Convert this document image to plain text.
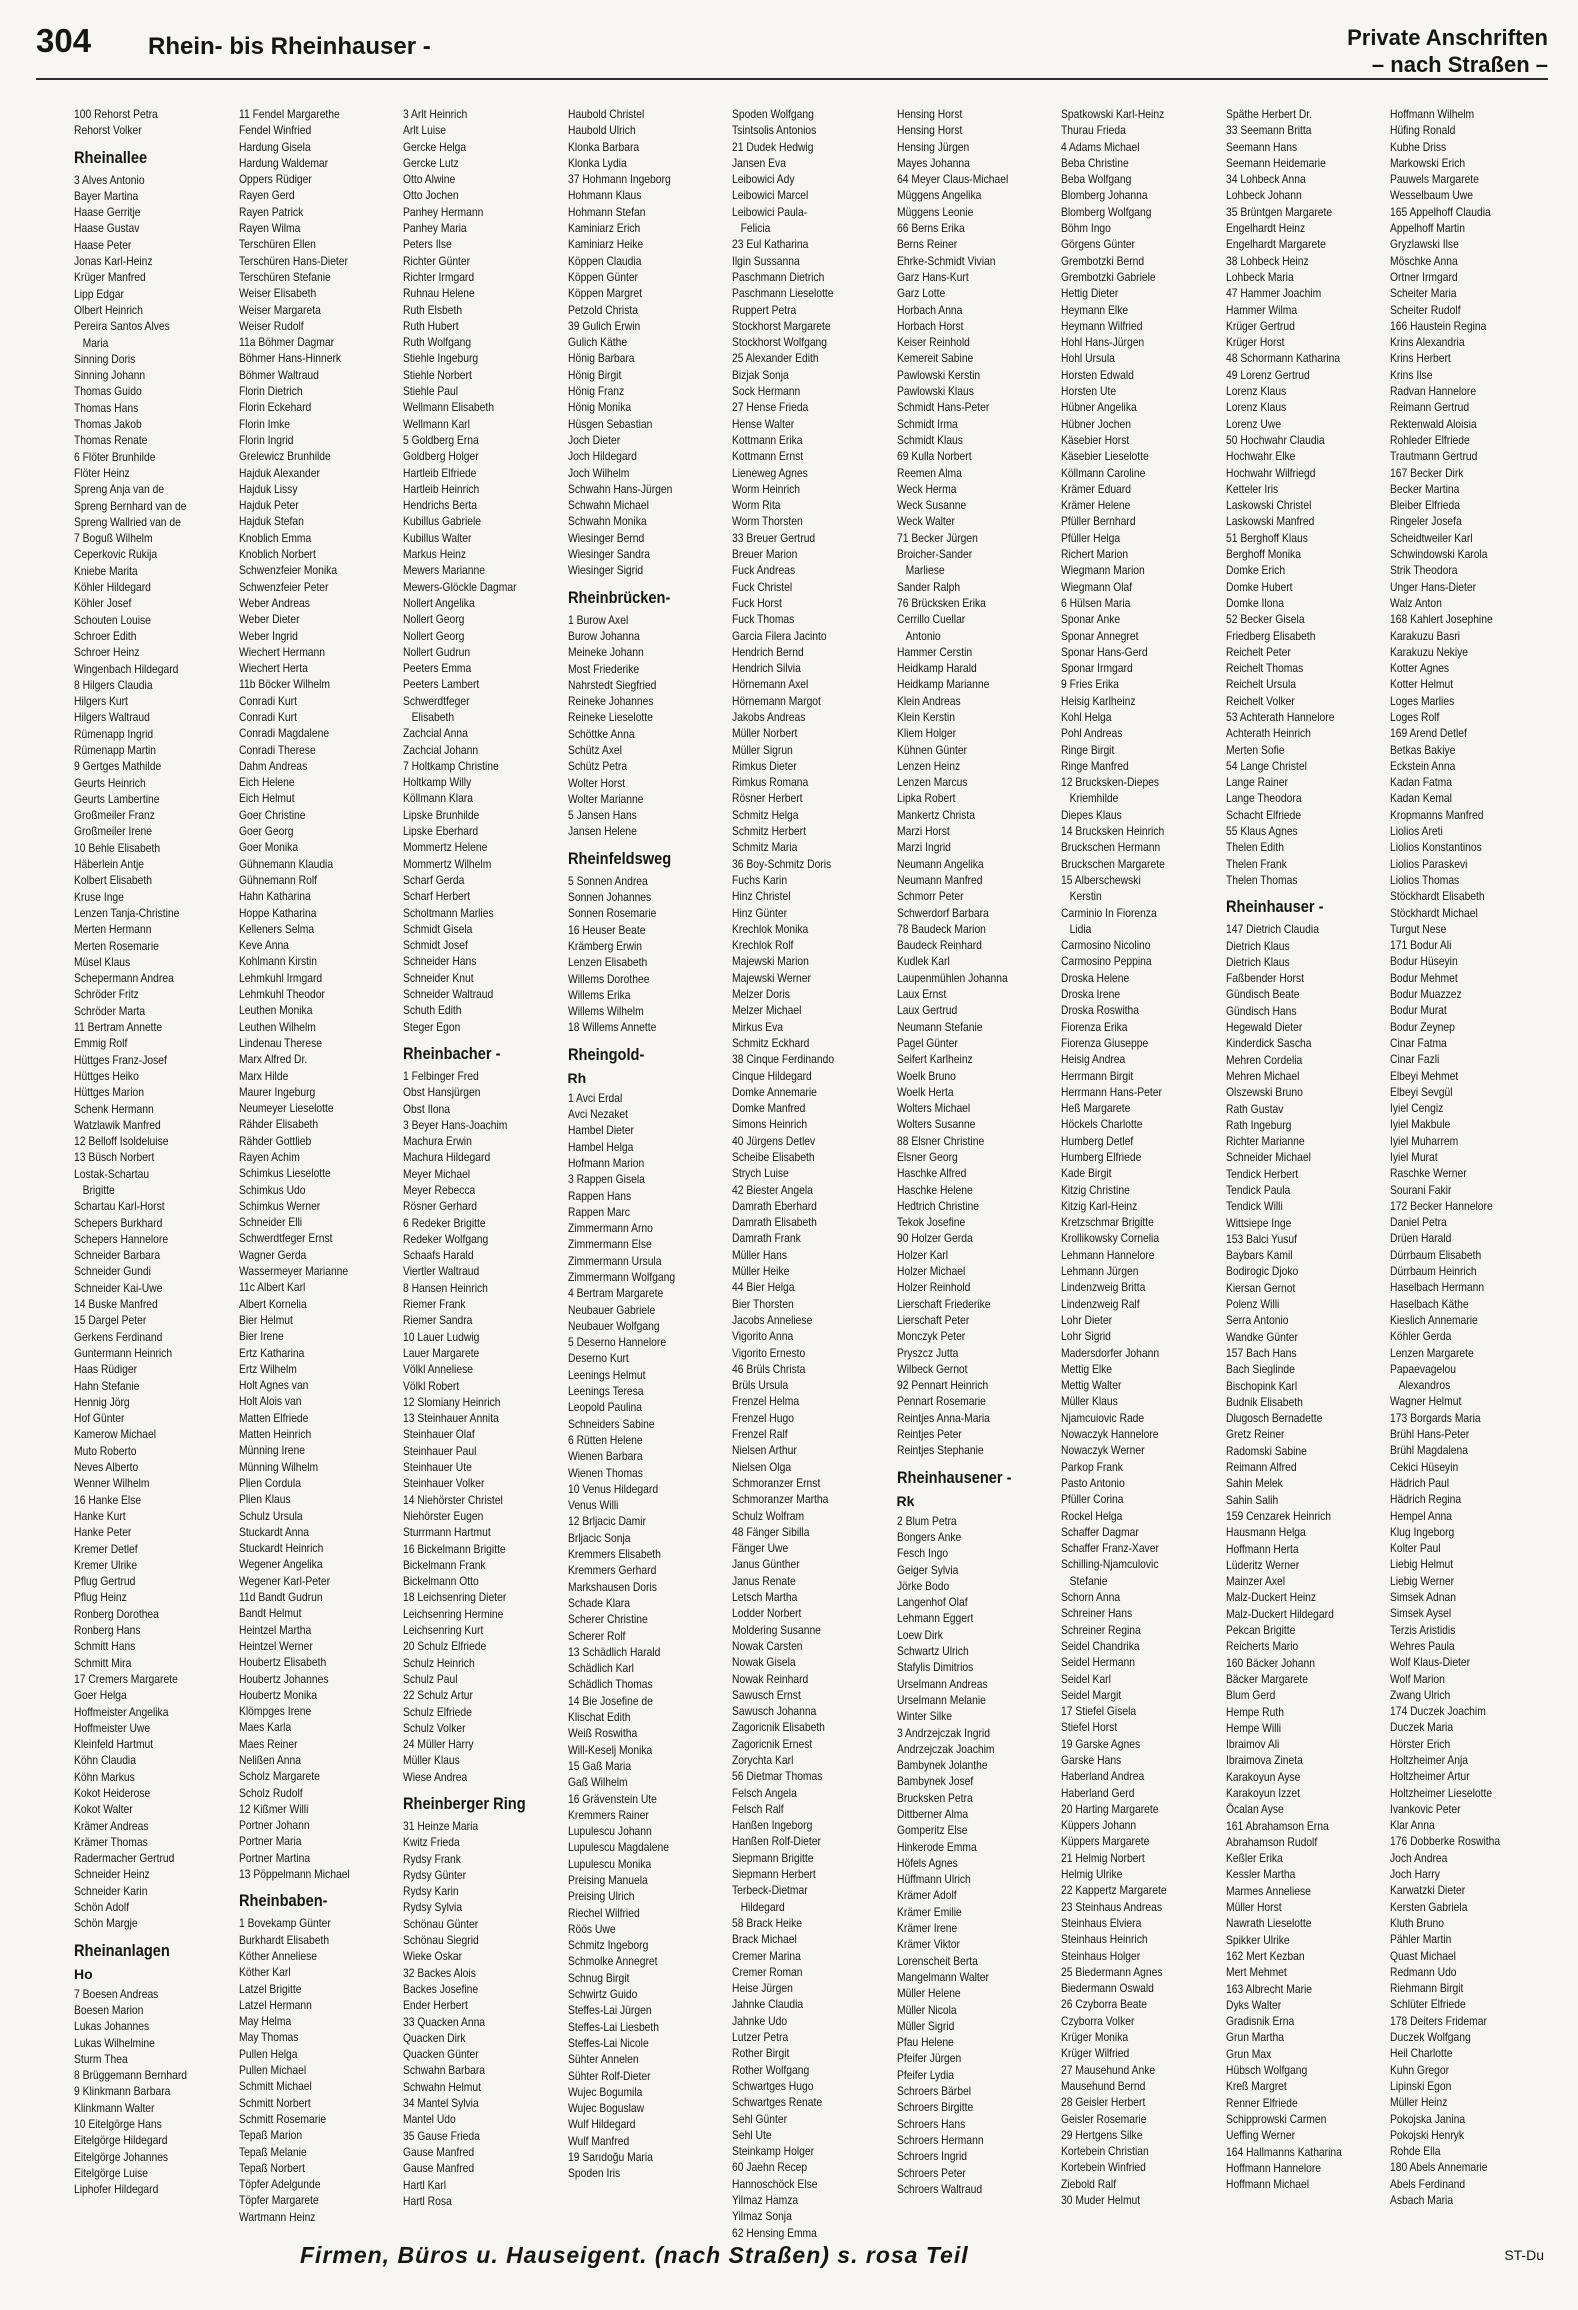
304 Rhein- bis Rheinhauser -	Private Anschriften
– nach Straßen –
100 Rehorst Petra
Rehorst Volker
Rheinallee
3 Alves Antonio
Bayer Martina
Haase Gerritje
Haase Gustav
Haase Peter
Jonas Karl-Heinz
Krüger Manfred
Lipp Edgar
Olbert Heinrich
Pereira Santos Alves
Maria
Sinning Doris
Sinning Johann
Thomas Guido
Thomas Hans
Thomas Jakob
Thomas Renate
6 Flöter Brunhilde
Flöter Heinz
Spreng Anja van de
Spreng Bernhard van de
Spreng Wallried van de
7 Boguß Wilhelm
Ceperkovic Rukija
Kniebe Marita
Köhler Hildegard
Köhler Josef
Schouten Louise
Schroer Edith
Schroer Heinz
Wingenbach Hildegard
8 Hilgers Claudia
Hilgers Kurt
Hilgers Waltraud
Rümenapp Ingrid
Rümenapp Martin
9 Gertges Mathilde
Geurts Heinrich
Geurts Lambertine
Großmeiler Franz
Großmeiler Irene
10 Behle Elisabeth
Häberlein Antje
Kolbert Elisabeth
Kruse Inge
Lenzen Tanja-Christine
Merten Hermann
Merten Rosemarie
Müsel Klaus
Schepermann Andrea
Schröder Fritz
Schröder Marta
11 Bertram Annette
Emmig Rolf
Hüttges Franz-Josef
Hüttges Heiko
Hüttges Marion
Schenk Hermann
Watzlawik Manfred
12 Belloff Isoldeluise
13 Büsch Norbert
Lostak-Schartau
Brigitte
Schartau Karl-Horst
Schepers Burkhard
Schepers Hannelore
Schneider Barbara
Schneider Gundi
Schneider Kai-Uwe
14 Buske Manfred
15 Dargel Peter
Gerkens Ferdinand
Guntermann Heinrich
Haas Rüdiger
Hahn Stefanie
Hennig Jörg
Hof Günter
Kamerow Michael
Muto Roberto
Neves Alberto
Wenner Wilhelm
16 Hanke Else
Hanke Kurt
Hanke Peter
Kremer Detlef
Kremer Ulrike
Pflug Gertrud
Pflug Heinz
Ronberg Dorothea
Ronberg Hans
Schmitt Hans
Schmitt Mira
17 Cremers Margarete
Goer Helga
Hoffmeister Angelika
Hoffmeister Uwe
Kleinfeld Hartmut
Köhn Claudia
Köhn Markus
Kokot Heiderose
Kokot Walter
Krämer Andreas
Krämer Thomas
Radermacher Gertrud
Schneider Heinz
Schneider Karin
Schön Adolf
Schön Margje
Rheinanlagen
Ho
7 Boesen Andreas
Boesen Marion
Lukas Johannes
Lukas Wilhelmine
Sturm Thea
8 Brüggemann Bernhard
9 Klinkmann Barbara
Klinkmann Walter
10 Eitelgörge Hans
Eitelgörge Hildegard
Eitelgörge Johannes
Eitelgörge Luise
Liphofer Hildegard
11 Fendel Margarethe
Fendel Winfried
Hardung Gisela
Hardung Waldemar
Oppers Rüdiger
Rayen Gerd
Rayen Patrick
Rayen Wilma
Terschüren Ellen
Terschüren Hans-Dieter
Terschüren Stefanie
Weiser Elisabeth
Weiser Margareta
Weiser Rudolf
11a Böhmer Dagmar
Böhmer Hans-Hinnerk
Böhmer Waltraud
Florin Dietrich
Florin Eckehard
Florin Imke
Florin Ingrid
Grelewicz Brunhilde
Hajduk Alexander
Hajduk Lissy
Hajduk Peter
Hajduk Stefan
Knoblich Emma
Knoblich Norbert
Schwenzfeier Monika
Schwenzfeier Peter
Weber Andreas
Weber Dieter
Weber Ingrid
Wiechert Hermann
Wiechert Herta
11b Böcker Wilhelm
Conradi Kurt
Conradi Kurt
Conradi Magdalene
Conradi Therese
Dahm Andreas
Eich Helene
Eich Helmut
Goer Christine
Goer Georg
Goer Monika
Gühnemann Klaudia
Gühnemann Rolf
Hahn Katharina
Hoppe Katharina
Kelleners Selma
Keve Anna
Kohlmann Kirstin
Lehmkuhl Irmgard
Lehmkuhl Theodor
Leuthen Monika
Leuthen Wilhelm
Lindenau Therese
Marx Alfred Dr.
Marx Hilde
Maurer Ingeburg
Neumeyer Lieselotte
Rähder Elisabeth
Rähder Gottlieb
Rayen Achim
Schimkus Lieselotte
Schimkus Udo
Schimkus Werner
Schneider Elli
Schwerdtfeger Ernst
Wagner Gerda
Wassermeyer Marianne
11c Albert Karl
Albert Kornelia
Bier Helmut
Bier Irene
Ertz Katharina
Ertz Wilhelm
Holt Agnes van
Holt Alois van
Matten Elfriede
Matten Heinrich
Münning Irene
Münning Wilhelm
Plien Cordula
Plien Klaus
Schulz Ursula
Stuckardt Anna
Stuckardt Heinrich
Wegener Angelika
Wegener Karl-Peter
11d Bandt Gudrun
Bandt Helmut
Heintzel Martha
Heintzel Werner
Houbertz Elisabeth
Houbertz Johannes
Houbertz Monika
Klömpges Irene
Maes Karla
Maes Reiner
Nelißen Anna
Scholz Margarete
Scholz Rudolf
12 Kißmer Willi
Portner Johann
Portner Maria
Portner Martina
13 Pöppelmann Michael
Rheinbaben-
1 Bovekamp Günter
Burkhardt Elisabeth
Köther Anneliese
Köther Karl
Latzel Brigitte
Latzel Hermann
May Helma
May Thomas
Pullen Helga
Pullen Michael
Schmitt Michael
Schmitt Norbert
Schmitt Rosemarie
Tepaß Marion
Tepaß Melanie
Tepaß Norbert
Töpfer Adelgunde
Töpfer Margarete
Wartmann Heinz
3 Arlt Heinrich
Arlt Luise
Gercke Helga
Gercke Lutz
Otto Alwine
Otto Jochen
Panhey Hermann
Panhey Maria
Peters Ilse
Richter Günter
Richter Irmgard
Ruhnau Helene
Ruth Elsbeth
Ruth Hubert
Ruth Wolfgang
Stiehle Ingeburg
Stiehle Norbert
Stiehle Paul
Wellmann Elisabeth
Wellmann Karl
5 Goldberg Erna
Goldberg Holger
Hartleib Elfriede
Hartleib Heinrich
Hendrichs Berta
Kubillus Gabriele
Kubillus Walter
Markus Heinz
Mewers Marianne
Mewers-Glöckle Dagmar
Nollert Angelika
Nollert Georg
Nollert Georg
Nollert Gudrun
Peeters Emma
Peeters Lambert
Schwerdtfeger
Elisabeth
Zachcial Anna
Zachcial Johann
7 Holtkamp Christine
Holtkamp Willy
Köllmann Klara
Lipske Brunhilde
Lipske Eberhard
Mommertz Helene
Mommertz Wilhelm
Scharf Gerda
Scharf Herbert
Scholtmann Marlies
Schmidt Gisela
Schmidt Josef
Schneider Hans
Schneider Knut
Schneider Waltraud
Schuth Edith
Steger Egon
Rheinbacher -
1 Felbinger Fred
Obst Hansjürgen
Obst Ilona
3 Beyer Hans-Joachim
Machura Erwin
Machura Hildegard
Meyer Michael
Meyer Rebecca
Rösner Gerhard
6 Redeker Brigitte
Redeker Wolfgang
Schaafs Harald
Viertler Waltraud
8 Hansen Heinrich
Riemer Frank
Riemer Sandra
10 Lauer Ludwig
Lauer Margarete
Völkl Anneliese
Völkl Robert
12 Slomiany Heinrich
13 Steinhauer Annita
Steinhauer Olaf
Steinhauer Paul
Steinhauer Ute
Steinhauer Volker
14 Niehörster Christel
Niehörster Eugen
Sturrmann Hartmut
16 Bickelmann Brigitte
Bickelmann Frank
Bickelmann Otto
18 Leichsenring Dieter
Leichsenring Hermine
Leichsenring Kurt
20 Schulz Elfriede
Schulz Heinrich
Schulz Paul
22 Schulz Artur
Schulz Elfriede
Schulz Volker
24 Müller Harry
Müller Klaus
Wiese Andrea
Rheinberger Ring
31 Heinze Maria
Kwitz Frieda
Rydsy Frank
Rydsy Günter
Rydsy Karin
Rydsy Sylvia
Schönau Günter
Schönau Siegrid
Wieke Oskar
32 Backes Alois
Backes Josefine
Ender Herbert
33 Quacken Anna
Quacken Dirk
Quacken Günter
Schwahn Barbara
Schwahn Helmut
34 Mantel Sylvia
Mantel Udo
35 Gause Frieda
Gause Manfred
Gause Manfred
Hartl Karl
Hartl Rosa
Haubold Christel
Haubold Ulrich
Klonka Barbara
Klonka Lydia
37 Hohmann Ingeborg
Hohmann Klaus
Hohmann Stefan
Kaminiarz Erich
Kaminiarz Heike
Köppen Claudia
Köppen Günter
Köppen Margret
Petzold Christa
39 Gulich Erwin
Gulich Käthe
Hönig Barbara
Hönig Birgit
Hönig Franz
Hönig Monika
Hüsgen Sebastian
Joch Dieter
Joch Hildegard
Joch Wilhelm
Schwahn Hans-Jürgen
Schwahn Michael
Schwahn Monika
Wiesinger Bernd
Wiesinger Sandra
Wiesinger Sigrid
Rheinbrücken-
1 Burow Axel
Burow Johanna
Meineke Johann
Most Friederike
Nahrstedt Siegfried
Reineke Johannes
Reineke Lieselotte
Schöttke Anna
Schütz Axel
Schütz Petra
Wolter Horst
Wolter Marianne
5 Jansen Hans
Jansen Helene
Rheinfeldsweg
5 Sonnen Andrea
Sonnen Johannes
Sonnen Rosemarie
16 Heuser Beate
Krämberg Erwin
Lenzen Elisabeth
Willems Dorothee
Willems Erika
Willems Wilhelm
18 Willems Annette
Rheingold-
Rh
1 Avci Erdal
Avci Nezaket
Hambel Dieter
Hambel Helga
Hofmann Marion
3 Rappen Gisela
Rappen Hans
Rappen Marc
Zimmermann Arno
Zimmermann Else
Zimmermann Ursula
Zimmermann Wolfgang
4 Bertram Margarete
Neubauer Gabriele
Neubauer Wolfgang
5 Deserno Hannelore
Deserno Kurt
Leenings Helmut
Leenings Teresa
Leopold Paulina
Schneiders Sabine
6 Rütten Helene
Wienen Barbara
Wienen Thomas
10 Venus Hildegard
Venus Willi
12 Brljacic Damir
Brljacic Sonja
Kremmers Elisabeth
Kremmers Gerhard
Markshausen Doris
Schade Klara
Scherer Christine
Scherer Rolf
13 Schädlich Harald
Schädlich Karl
Schädlich Thomas
14 Bie Josefine de
Klischat Edith
Weiß Roswitha
Will-Keselj Monika
15 Gaß Maria
Gaß Wilhelm
16 Grävenstein Ute
Kremmers Rainer
Lupulescu Johann
Lupulescu Magdalene
Lupulescu Monika
Preising Manuela
Preising Ulrich
Riechel Wilfried
Röös Uwe
Schmitz Ingeborg
Schmolke Annegret
Schnug Birgit
Schwirtz Guido
Steffes-Lai Jürgen
Steffes-Lai Liesbeth
Steffes-Lai Nicole
Sühter Annelen
Sühter Rolf-Dieter
Wujec Bogumila
Wujec Boguslaw
Wulf Hildegard
Wulf Manfred
19 Sarıdoğu Maria
Spoden Iris
Spoden Wolfgang
Tsintsolis Antonios
21 Dudek Hedwig
Jansen Eva
Leibowici Ady
Leibowici Marcel
Leibowici Paula-
Felicia
23 Eul Katharina
Ilgin Sussanna
Paschmann Dietrich
Paschmann Lieselotte
Ruppert Petra
Stockhorst Margarete
Stockhorst Wolfgang
25 Alexander Edith
Bizjak Sonja
Sock Hermann
27 Hense Frieda
Hense Walter
Kottmann Erika
Kottmann Ernst
Lieneweg Agnes
Worm Heinrich
Worm Rita
Worm Thorsten
33 Breuer Gertrud
Breuer Marion
Fuck Andreas
Fuck Christel
Fuck Horst
Fuck Thomas
Garcia Filera Jacinto
Hendrich Bernd
Hendrich Silvia
Hörnemann Axel
Hörnemann Margot
Jakobs Andreas
Müller Norbert
Müller Sigrun
Rimkus Dieter
Rimkus Romana
Rösner Herbert
Schmitz Helga
Schmitz Herbert
Schmitz Maria
36 Boy-Schmitz Doris
Fuchs Karin
Hinz Christel
Hinz Günter
Krechlok Monika
Krechlok Rolf
Majewski Marion
Majewski Werner
Melzer Doris
Melzer Michael
Mirkus Eva
Schmitz Eckhard
38 Cinque Ferdinando
Cinque Hildegard
Domke Annemarie
Domke Manfred
Simons Heinrich
40 Jürgens Detlev
Scheibe Elisabeth
Strych Luise
42 Biester Angela
Damrath Eberhard
Damrath Elisabeth
Damrath Frank
Müller Hans
Müller Heike
44 Bier Helga
Bier Thorsten
Jacobs Anneliese
Vigorito Anna
Vigorito Ernesto
46 Brüls Christa
Brüls Ursula
Frenzel Helma
Frenzel Hugo
Frenzel Ralf
Nielsen Arthur
Nielsen Olga
Schmoranzer Ernst
Schmoranzer Martha
Schulz Wolfram
48 Fänger Sibilla
Fänger Uwe
Janus Günther
Janus Renate
Letsch Martha
Lodder Norbert
Moldering Susanne
Nowak Carsten
Nowak Gisela
Nowak Reinhard
Sawusch Ernst
Sawusch Johanna
Zagoricnik Elisabeth
Zagoricnik Ernest
Zorychta Karl
56 Dietmar Thomas
Felsch Angela
Felsch Ralf
Hanßen Ingeborg
Hanßen Rolf-Dieter
Siepmann Brigitte
Siepmann Herbert
Terbeck-Dietmar
Hildegard
58 Brack Heike
Brack Michael
Cremer Marina
Cremer Roman
Heise Jürgen
Jahnke Claudia
Jahnke Udo
Lutzer Petra
Rother Birgit
Rother Wolfgang
Schwartges Hugo
Schwartges Renate
Sehl Günter
Sehl Ute
Steinkamp Holger
60 Jaehn Recep
Hannoschöck Else
Yilmaz Hamza
Yilmaz Sonja
62 Hensing Emma
Hensing Horst
Hensing Horst
Hensing Jürgen
Mayes Johanna
64 Meyer Claus-Michael
Müggens Angelika
Müggens Leonie
66 Berns Erika
Berns Reiner
Ehrke-Schmidt Vivian
Garz Hans-Kurt
Garz Lotte
Horbach Anna
Horbach Horst
Keiser Reinhold
Kemereit Sabine
Pawlowski Kerstin
Pawlowski Klaus
Schmidt Hans-Peter
Schmidt Irma
Schmidt Klaus
69 Kulla Norbert
Reemen Alma
Weck Herma
Weck Susanne
Weck Walter
71 Becker Jürgen
Broicher-Sander
Marliese
Sander Ralph
76 Brücksken Erika
Cerrillo Cuellar
Antonio
Hammer Cerstin
Heidkamp Harald
Heidkamp Marianne
Klein Andreas
Klein Kerstin
Kliem Holger
Kühnen Günter
Lenzen Heinz
Lenzen Marcus
Lipka Robert
Mankertz Christa
Marzi Horst
Marzi Ingrid
Neumann Angelika
Neumann Manfred
Schmorr Peter
Schwerdorf Barbara
78 Baudeck Marion
Baudeck Reinhard
Kudlek Karl
Laupenmühlen Johanna
Laux Ernst
Laux Gertrud
Neumann Stefanie
Pagel Günter
Seifert Karlheinz
Woelk Bruno
Woelk Herta
Wolters Michael
Wolters Susanne
88 Elsner Christine
Elsner Georg
Haschke Alfred
Haschke Helene
Hedtrich Christine
Tekok Josefine
90 Holzer Gerda
Holzer Karl
Holzer Michael
Holzer Reinhold
Lierschaft Friederike
Lierschaft Peter
Monczyk Peter
Pryszcz Jutta
Wilbeck Gernot
92 Pennart Heinrich
Pennart Rosemarie
Reintjes Anna-Maria
Reintjes Peter
Reintjes Stephanie
Rheinhausener -
Rk
2 Blum Petra
Bongers Anke
Fesch Ingo
Geiger Sylvia
Jörke Bodo
Langenhof Olaf
Lehmann Eggert
Loew Dirk
Schwartz Ulrich
Stafylis Dimitrios
Urselmann Andreas
Urselmann Melanie
Winter Silke
3 Andrzejczak Ingrid
Andrzejczak Joachim
Bambynek Jolanthe
Bambynek Josef
Brucksken Petra
Dittberner Alma
Gomperitz Else
Hinkerode Emma
Höfels Agnes
Hüffmann Ulrich
Krämer Adolf
Krämer Emilie
Krämer Irene
Krämer Viktor
Lorenscheit Berta
Mangelmann Walter
Müller Helene
Müller Nicola
Müller Sigrid
Pfau Helene
Pfeifer Jürgen
Pfeifer Lydia
Schroers Bärbel
Schroers Birgitte
Schroers Hans
Schroers Hermann
Schroers Ingrid
Schroers Peter
Schroers Waltraud
Spatkowski Karl-Heinz
Thurau Frieda
4 Adams Michael
Beba Christine
Beba Wolfgang
Blomberg Johanna
Blomberg Wolfgang
Böhm Ingo
Görgens Günter
Grembotzki Bernd
Grembotzki Gabriele
Hettig Dieter
Heymann Elke
Heymann Wilfried
Hohl Hans-Jürgen
Hohl Ursula
Horsten Edwald
Horsten Ute
Hübner Angelika
Hübner Jochen
Käsebier Horst
Käsebier Lieselotte
Köllmann Caroline
Krämer Eduard
Krämer Helene
Pfüller Bernhard
Pfüller Helga
Richert Marion
Wiegmann Marion
Wiegmann Olaf
6 Hülsen Maria
Sponar Anke
Sponar Annegret
Sponar Hans-Gerd
Sponar Irmgard
9 Fries Erika
Heisig Karlheinz
Kohl Helga
Pohl Andreas
Ringe Birgit
Ringe Manfred
12 Brucksken-Diepes
Kriemhilde
Diepes Klaus
14 Brucksken Heinrich
Bruckschen Hermann
Bruckschen Margarete
15 Alberschewski
Kerstin
Carminio In Fiorenza
Lidia
Carmosino Nicolino
Carmosino Peppina
Droska Helene
Droska Irene
Droska Roswitha
Fiorenza Erika
Fiorenza Giuseppe
Heisig Andrea
Herrmann Birgit
Herrmann Hans-Peter
Heß Margarete
Höckels Charlotte
Humberg Detlef
Humberg Elfriede
Kade Birgit
Kitzig Christine
Kitzig Karl-Heinz
Kretzschmar Brigitte
Krollikowsky Cornelia
Lehmann Hannelore
Lehmann Jürgen
Lindenzweig Britta
Lindenzweig Ralf
Lohr Dieter
Lohr Sigrid
Madersdorfer Johann
Mettig Elke
Mettig Walter
Müller Klaus
Njamcuiovic Rade
Nowaczyk Hannelore
Nowaczyk Werner
Parkop Frank
Pasto Antonio
Pfüller Corina
Rockel Helga
Schaffer Dagmar
Schaffer Franz-Xaver
Schilling-Njamculovic
Stefanie
Schorn Anna
Schreiner Hans
Schreiner Regina
Seidel Chandrika
Seidel Hermann
Seidel Karl
Seidel Margit
17 Stiefel Gisela
Stiefel Horst
19 Garske Agnes
Garske Hans
Haberland Andrea
Haberland Gerd
20 Harting Margarete
Küppers Johann
Küppers Margarete
21 Helmig Norbert
Helmig Ulrike
22 Kappertz Margarete
23 Steinhaus Andreas
Steinhaus Elviera
Steinhaus Heinrich
Steinhaus Holger
25 Biedermann Agnes
Biedermann Oswald
26 Czyborra Beate
Czyborra Volker
Krüger Monika
Krüger Wilfried
27 Mausehund Anke
Mausehund Bernd
28 Geisler Herbert
Geisler Rosemarie
29 Hertgens Silke
Kortebein Christian
Kortebein Winfried
Ziebold Ralf
30 Muder Helmut
Späthe Herbert Dr.
33 Seemann Britta
Seemann Hans
Seemann Heidemarie
34 Lohbeck Anna
Lohbeck Johann
35 Brüntgen Margarete
Engelhardt Heinz
Engelhardt Margarete
38 Lohbeck Heinz
Lohbeck Maria
47 Hammer Joachim
Hammer Wilma
Krüger Gertrud
Krüger Horst
48 Schormann Katharina
49 Lorenz Gertrud
Lorenz Klaus
Lorenz Klaus
Lorenz Uwe
50 Hochwahr Claudia
Hochwahr Elke
Hochwahr Wilfriegd
Ketteler Iris
Laskowski Christel
Laskowski Manfred
51 Berghoff Klaus
Berghoff Monika
Domke Erich
Domke Hubert
Domke Ilona
52 Becker Gisela
Friedberg Elisabeth
Reichelt Peter
Reichelt Thomas
Reichelt Ursula
Reichelt Volker
53 Achterath Hannelore
Achterath Heinrich
Merten Sofie
54 Lange Christel
Lange Rainer
Lange Theodora
Schacht Elfriede
55 Klaus Agnes
Thelen Edith
Thelen Frank
Thelen Thomas
Rheinhauser -
147 Dietrich Claudia
Dietrich Klaus
Dietrich Klaus
Faßbender Horst
Gündisch Beate
Gündisch Hans
Hegewald Dieter
Kinderdick Sascha
Mehren Cordelia
Mehren Michael
Olszewski Bruno
Rath Gustav
Rath Ingeburg
Richter Marianne
Schneider Michael
Tendick Herbert
Tendick Paula
Tendick Willi
Wittsiepe Inge
153 Balci Yusuf
Baybars Kamil
Bodirogic Djoko
Kiersan Gernot
Polenz Willi
Serra Antonio
Wandke Günter
157 Bach Hans
Bach Sieglinde
Bischopink Karl
Budnik Elisabeth
Dlugosch Bernadette
Gretz Reiner
Radomski Sabine
Reimann Alfred
Sahin Melek
Sahin Salih
159 Cenzarek Heinrich
Hausmann Helga
Hoffmann Herta
Lüderitz Werner
Mainzer Axel
Malz-Duckert Heinz
Malz-Duckert Hildegard
Pekcan Brigitte
Reicherts Mario
160 Bäcker Johann
Bäcker Margarete
Blum Gerd
Hempe Ruth
Hempe Willi
Ibraimov Ali
Ibraimova Zineta
Karakoyun Ayse
Karakoyun Izzet
Öcalan Ayse
161 Abrahamson Erna
Abrahamson Rudolf
Keßler Erika
Kessler Martha
Marmes Anneliese
Müller Horst
Nawrath Lieselotte
Spikker Ulrike
162 Mert Kezban
Mert Mehmet
163 Albrecht Marie
Dyks Walter
Gradisnik Erna
Grun Martha
Grun Max
Hübsch Wolfgang
Kreß Margret
Renner Elfriede
Schipprowski Carmen
Ueffing Werner
164 Hallmanns Katharina
Hoffmann Hannelore
Hoffmann Michael
Hoffmann Wilhelm
Hüfing Ronald
Kubhe Driss
Markowski Erich
Pauwels Margarete
Wesselbaum Uwe
165 Appelhoff Claudia
Appelhoff Martin
Gryzlawski Ilse
Möschke Anna
Ortner Irmgard
Scheiter Maria
Scheiter Rudolf
166 Haustein Regina
Krins Alexandria
Krins Herbert
Krins Ilse
Radvan Hannelore
Reimann Gertrud
Rektenwald Aloisia
Rohleder Elfriede
Trautmann Gertrud
167 Becker Dirk
Becker Martina
Bleiber Elfrieda
Ringeler Josefa
Scheidtweiler Karl
Schwindowski Karola
Strik Theodora
Unger Hans-Dieter
Walz Anton
168 Kahlert Josephine
Karakuzu Basri
Karakuzu Nekiye
Kotter Agnes
Kotter Helmut
Loges Marlies
Loges Rolf
169 Arend Detlef
Betkas Bakiye
Eckstein Anna
Kadan Fatma
Kadan Kemal
Kropmanns Manfred
Liolios Areti
Liolios Konstantinos
Liolios Paraskevi
Liolios Thomas
Stöckhardt Elisabeth
Stöckhardt Michael
Turgut Nese
171 Bodur Ali
Bodur Hüseyin
Bodur Mehmet
Bodur Muazzez
Bodur Murat
Bodur Zeynep
Cinar Fatma
Cinar Fazli
Elbeyi Mehmet
Elbeyi Sevgül
Iyiel Cengiz
Iyiel Makbule
Iyiel Muharrem
Iyiel Murat
Raschke Werner
Sourani Fakir
172 Becker Hannelore
Daniel Petra
Drüen Harald
Dürrbaum Elisabeth
Dürrbaum Heinrich
Haselbach Hermann
Haselbach Käthe
Kieslich Annemarie
Köhler Gerda
Lenzen Margarete
Papaevagelou
Alexandros
Wagner Helmut
173 Borgards Maria
Brühl Hans-Peter
Brühl Magdalena
Cekici Hüseyin
Hädrich Paul
Hädrich Regina
Hempel Anna
Klug Ingeborg
Kolter Paul
Liebig Helmut
Liebig Werner
Simsek Adnan
Simsek Aysel
Terzis Aristidis
Wehres Paula
Wolf Klaus-Dieter
Wolf Marion
Zwang Ulrich
174 Duczek Joachim
Duczek Maria
Hörster Erich
Holtzheimer Anja
Holtzheimer Artur
Holtzheimer Lieselotte
Ivankovic Peter
Klar Anna
176 Dobberke Roswitha
Joch Andrea
Joch Harry
Karwatzki Dieter
Kersten Gabriela
Kluth Bruno
Pähler Martin
Quast Michael
Redmann Udo
Riehmann Birgit
Schlüter Elfriede
178 Deiters Fridemar
Duczek Wolfgang
Heil Charlotte
Kuhn Gregor
Lipinski Egon
Müller Heinz
Pokojska Janina
Pokojski Henryk
Rohde Ella
180 Abels Annemarie
Abels Ferdinand
Asbach Maria
Firmen, Büros u. Hauseigent. (nach Straßen) s. rosa Teil	ST-Du
